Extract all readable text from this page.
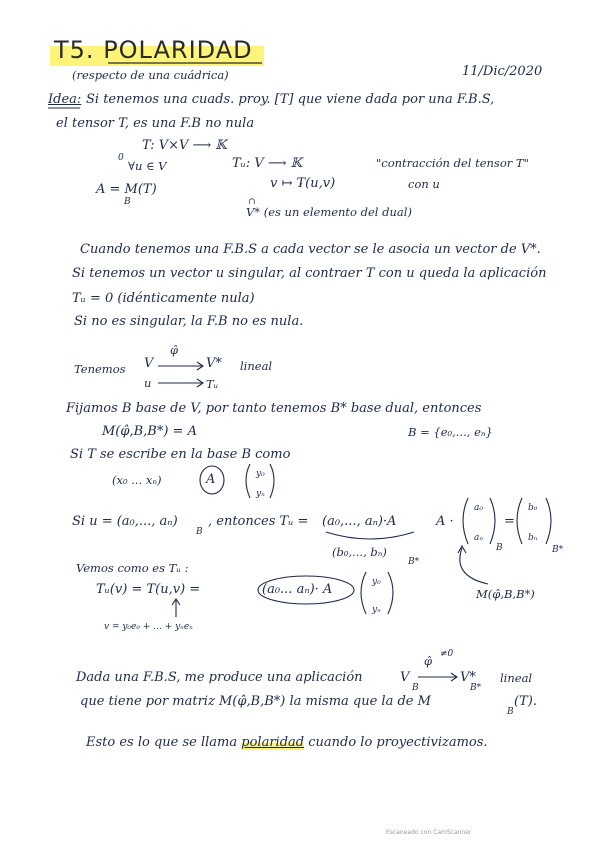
T5. POLARIDAD
(respecto de una cuádrica)	11/Dic/2020
Idea: Si tenemos una cuads. proy. [T] que viene dada por una F.B.S,
el tensor T, es una F.B no nula
T: V×V ⟶ 𝕂
0
∀u ∈ V	Tᵤ: V ⟶ 𝕂	"contracción del tensor T"
A = M(T)
B
v ↦ T(u,v)	con u
∩
V* (es un elemento del dual)
Cuando tenemos una F.B.S a cada vector se le asocia un vector de V*.
Si tenemos un vector u singular, al contraer T con u queda la aplicación
Tᵤ = 0 (idénticamente nula)
Si no es singular, la F.B no es nula.
Tenemos V
φ̂
V* lineal
u	Tᵤ
Fijamos B base de V, por tanto tenemos B* base dual, entonces
M(φ̂,B,B*) = A	B = {e₀,..., eₙ}
Si T se escribe en la base B como
(x₀ ... xₙ)	A	y₀
yₙ
Si u = (a₀,..., aₙ)
B
, entonces Tᵤ = (a₀,..., aₙ)·A
(b₀,..., bₙ)
B*
A ·
a₀
aₙ
B
=
b₀
bₙ
B*
M(φ̂,B,B*)
Vemos como es Tᵤ :
Tᵤ(v) = T(u,v) =	(a₀... aₙ)· A	y₀
yₙ
v = y₀e₀ + ... + yₙeₙ
Dada una F.B.S, me produce una aplicación	V
B
φ̂ ≠0
V*
B*
lineal
que tiene por matriz M(φ̂,B,B*) la misma que la de M
B
(T).
Esto es lo que se llama polaridad cuando lo proyectivizamos.
Escaneado con CamScanner
